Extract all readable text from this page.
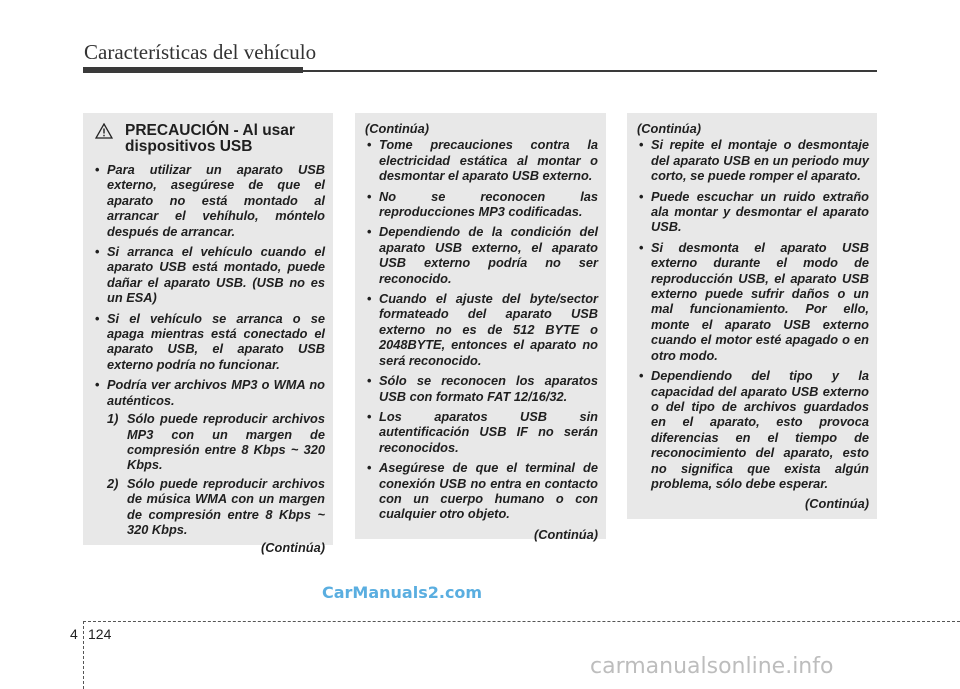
Características del vehículo
PRECAUCIÓN - Al usar dispositivos USB
• Para utilizar un aparato USB externo, asegúrese de que el aparato no está montado al arrancar el vehíhulo, móntelo después de arrancar.
• Si arranca el vehículo cuando el aparato USB está montado, puede dañar el aparato USB. (USB no es un ESA)
• Si el vehículo se arranca o se apaga mientras está conectado el aparato USB, el aparato USB externo podría no funcionar.
• Podría ver archivos MP3 o WMA no auténticos.
1) Sólo puede reproducir archivos MP3 con un margen de compresión entre 8 Kbps ~ 320 Kbps.
2) Sólo puede reproducir archivos de música WMA con un margen de compresión entre 8 Kbps ~ 320 Kbps.
(Continúa)
(Continúa)
• Tome precauciones contra la electricidad estática al montar o desmontar el aparato USB externo.
• No se reconocen las reproducciones MP3 codificadas.
• Dependiendo de la condición del aparato USB externo, el aparato USB externo podría no ser reconocido.
• Cuando el ajuste del byte/sector formateado del aparato USB externo no es de 512 BYTE o 2048BYTE, entonces el aparato no será reconocido.
• Sólo se reconocen los aparatos USB con formato FAT 12/16/32.
• Los aparatos USB sin autentificación USB IF no serán reconocidos.
• Asegúrese de que el terminal de conexión USB no entra en contacto con un cuerpo humano o con cualquier otro objeto.
(Continúa)
(Continúa)
• Si repite el montaje o desmontaje del aparato USB en un periodo muy corto, se puede romper el aparato.
• Puede escuchar un ruido extraño ala montar y desmontar el aparato USB.
• Si desmonta el aparato USB externo durante el modo de reproducción USB, el aparato USB externo puede sufrir daños o un mal funcionamiento. Por ello, monte el aparato USB externo cuando el motor esté apagado o en otro modo.
• Dependiendo del tipo y la capacidad del aparato USB externo o del tipo de archivos guardados en el aparato, esto provoca diferencias en el tiempo de reconocimiento del aparato, esto no significa que exista algún problema, sólo debe esperar.
(Continúa)
CarManuals2.com
4 124
carmanualsonline.info
